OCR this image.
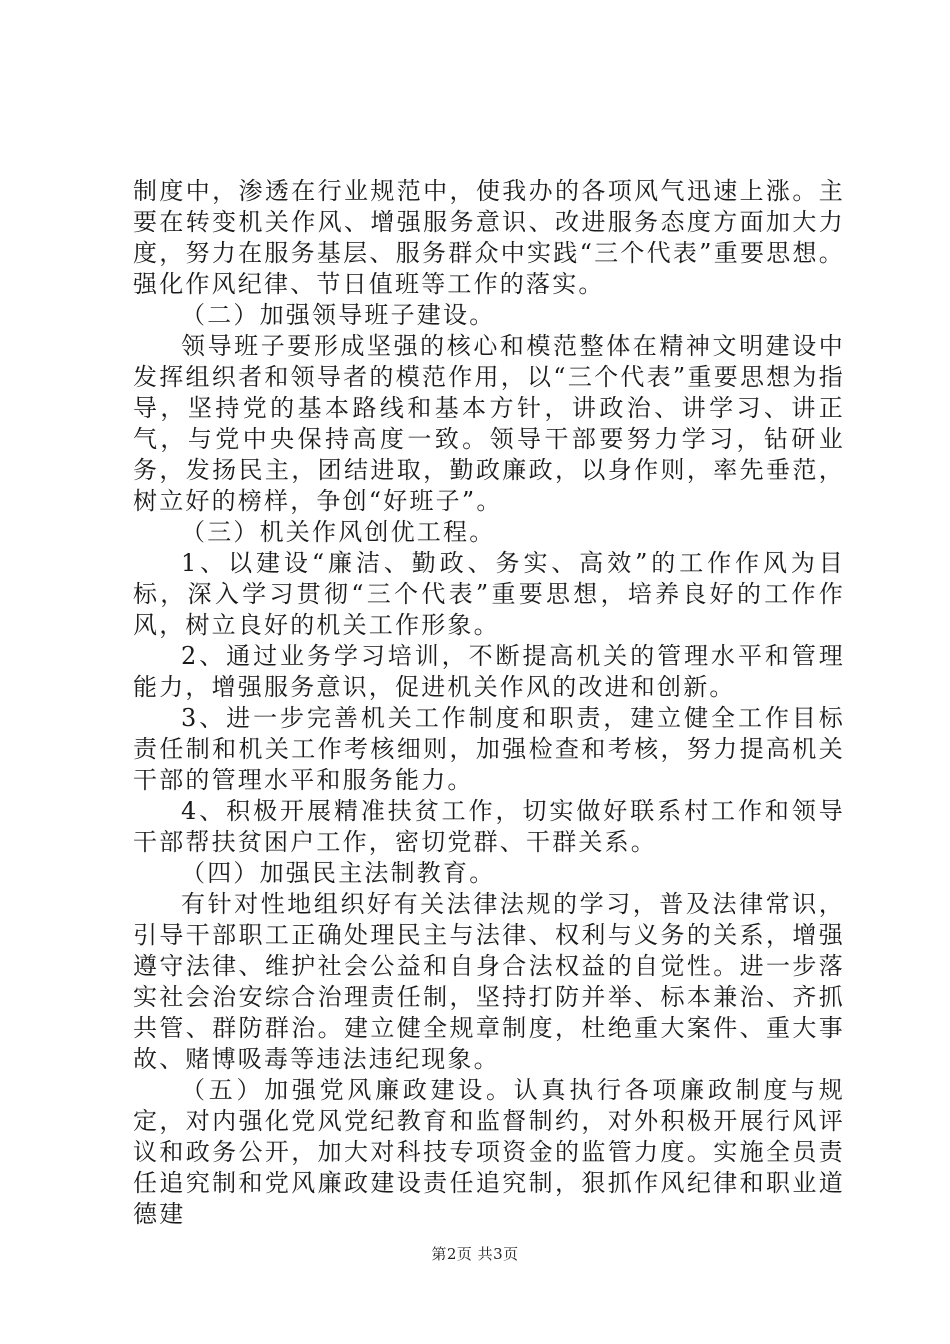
制度中，渗透在行业规范中，使我办的各项风气迅速上涨。主要在转变机关作风、增强服务意识、改进服务态度方面加大力度，努力在服务基层、服务群众中实践“三个代表”重要思想。强化作风纪律、节日值班等工作的落实。

（二）加强领导班子建设。

领导班子要形成坚强的核心和模范整体在精神文明建设中发挥组织者和领导者的模范作用，以“三个代表”重要思想为指导，坚持党的基本路线和基本方针，讲政治、讲学习、讲正气，与党中央保持高度一致。领导干部要努力学习，钻研业务，发扬民主，团结进取，勤政廉政，以身作则，率先垂范，树立好的榜样，争创“好班子”。

（三）机关作风创优工程。

1、以建设“廉洁、勤政、务实、高效”的工作作风为目标，深入学习贯彻“三个代表”重要思想，培养良好的工作作风，树立良好的机关工作形象。

2、通过业务学习培训，不断提高机关的管理水平和管理能力，增强服务意识，促进机关作风的改进和创新。

3、进一步完善机关工作制度和职责，建立健全工作目标责任制和机关工作考核细则，加强检查和考核，努力提高机关干部的管理水平和服务能力。

4、积极开展精准扶贫工作，切实做好联系村工作和领导干部帮扶贫困户工作，密切党群、干群关系。

（四）加强民主法制教育。

有针对性地组织好有关法律法规的学习，普及法律常识，引导干部职工正确处理民主与法律、权利与义务的关系，增强遵守法律、维护社会公益和自身合法权益的自觉性。进一步落实社会治安综合治理责任制，坚持打防并举、标本兼治、齐抓共管、群防群治。建立健全规章制度，杜绝重大案件、重大事故、赌博吸毒等违法违纪现象。

（五）加强党风廉政建设。认真执行各项廉政制度与规定，对内强化党风党纪教育和监督制约，对外积极开展行风评议和政务公开，加大对科技专项资金的监管力度。实施全员责任追究制和党风廉政建设责任追究制，狠抓作风纪律和职业道德建

第2页 共3页
